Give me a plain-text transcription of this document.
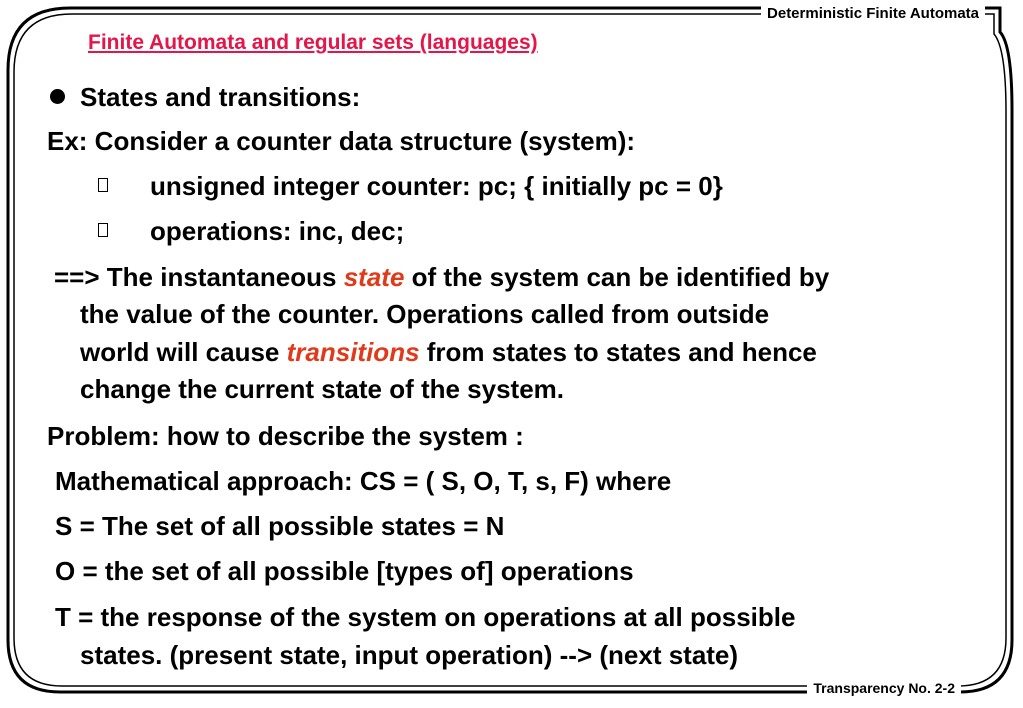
Deterministic Finite Automata
Finite Automata and regular sets (languages)
States and transitions:
Ex: Consider a counter data structure (system):
unsigned integer counter: pc; { initially pc = 0}
operations: inc, dec;
==> The instantaneous state of the system can be identified by
the value of the counter. Operations called from outside
world will cause transitions from states to states and hence
change the current state of the system.
Problem: how to describe the system :
Mathematical approach: CS = ( S, O, T, s, F) where
S = The set of all possible states = N
O = the set of all possible [types of] operations
T = the response of the system on operations at all possible
states. (present state, input operation) --> (next state)
Transparency No. 2-2
